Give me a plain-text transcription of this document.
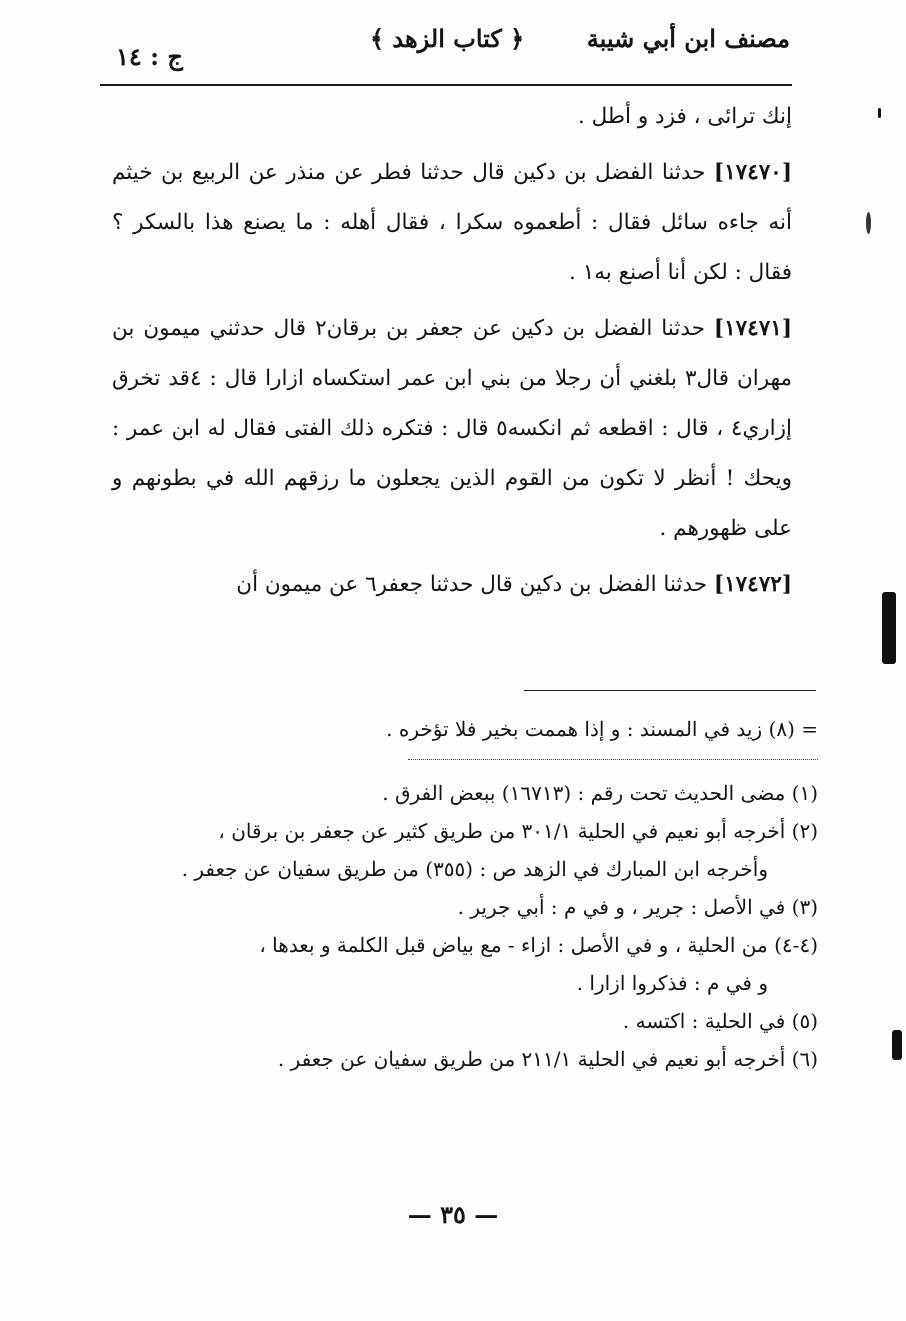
ج : ١٤
﴿ كتاب الزهد ﴾	مصنف ابن أبي شيبة

إنك ترائى ، فزد و أطل .

[١٧٤٧٠] حدثنا الفضل بن دكين قال حدثنا فطر عن منذر عن الربيع بن خيثم أنه جاءه سائل فقال : أطعموه سكرا ، فقال أهله : ما يصنع هذا بالسكر ؟ فقال : لكن أنا أصنع به١ .

[١٧٤٧١] حدثنا الفضل بن دكين عن جعفر بن برقان٢ قال حدثني ميمون بن مهران قال٣ بلغني أن رجلا من بني ابن عمر استكساه ازارا قال : ٤قد تخرق إزاري٤ ، قال : اقطعه ثم انكسه٥ قال : فتكره ذلك الفتى فقال له ابن عمر : ويحك ! أنظر لا تكون من القوم الذين يجعلون ما رزقهم الله في بطونهم و على ظهورهم .

[١٧٤٧٢] حدثنا الفضل بن دكين قال حدثنا جعفر٦ عن ميمون أن

= (٨) زيد في المسند : و إذا هممت بخير فلا تؤخره .

(١) مضى الحديث تحت رقم : (١٦٧١٣) ببعض الفرق .

(٢) أخرجه أبو نعيم في الحلية ٣٠١/١ من طريق كثير عن جعفر بن برقان ،

وأخرجه ابن المبارك في الزهد ص : (٣٥٥) من طريق سفيان عن جعفر .

(٣) في الأصل : جرير ، و في م : أبي جرير .

(٤-٤) من الحلية ، و في الأصل : ازاء - مع بياض قبل الكلمة و بعدها ،

و في م : فذكروا ازارا .

(٥) في الحلية : اكتسه .

(٦) أخرجه أبو نعيم في الحلية ٢١١/١ من طريق سفيان عن جعفر .

— ٣٥ —
